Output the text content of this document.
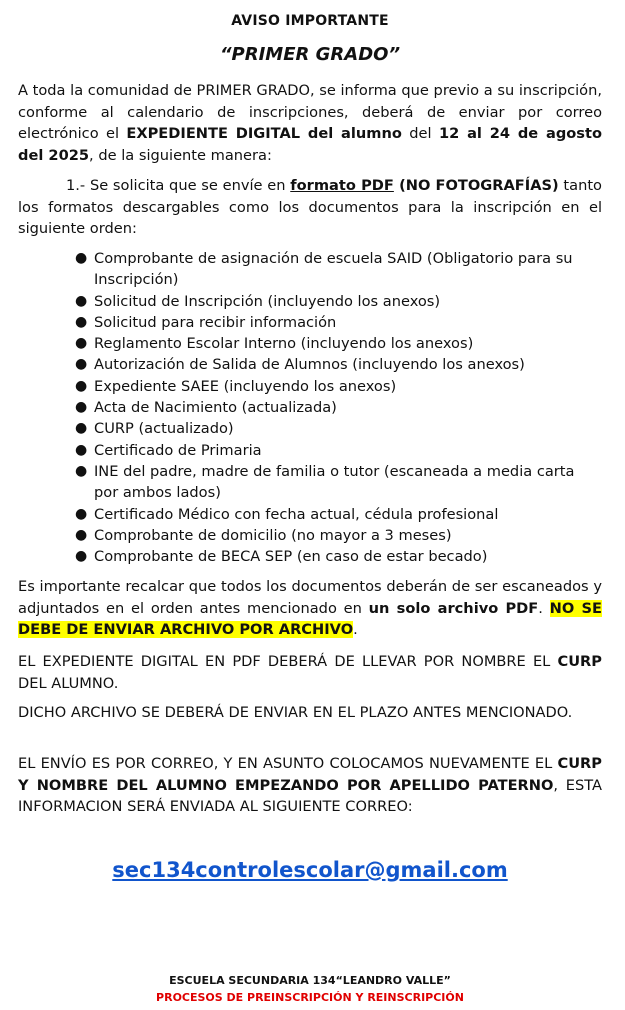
AVISO IMPORTANTE
“PRIMER GRADO”
A toda la comunidad de PRIMER GRADO, se informa que previo a su inscripción, conforme al calendario de inscripciones, deberá de enviar por correo electrónico el EXPEDIENTE DIGITAL del alumno del 12 al 24 de agosto del 2025, de la siguiente manera:
1.- Se solicita que se envíe en formato PDF (NO FOTOGRAFÍAS) tanto los formatos descargables como los documentos para la inscripción en el siguiente orden:
● Comprobante de asignación de escuela SAID (Obligatorio para su Inscripción)
● Solicitud de Inscripción (incluyendo los anexos)
● Solicitud para recibir información
● Reglamento Escolar Interno (incluyendo los anexos)
● Autorización de Salida de Alumnos (incluyendo los anexos)
● Expediente SAEE (incluyendo los anexos)
● Acta de Nacimiento (actualizada)
● CURP (actualizado)
● Certificado de Primaria
● INE del padre, madre de familia o tutor (escaneada a media carta por ambos lados)
● Certificado Médico con fecha actual, cédula profesional
● Comprobante de domicilio (no mayor a 3 meses)
● Comprobante de BECA SEP (en caso de estar becado)
Es importante recalcar que todos los documentos deberán de ser escaneados y adjuntados en el orden antes mencionado en un solo archivo PDF. NO SE DEBE DE ENVIAR ARCHIVO POR ARCHIVO.
EL EXPEDIENTE DIGITAL EN PDF DEBERÁ DE LLEVAR POR NOMBRE EL CURP DEL ALUMNO.
DICHO ARCHIVO SE DEBERÁ DE ENVIAR EN EL PLAZO ANTES MENCIONADO.
EL ENVÍO ES POR CORREO, Y EN ASUNTO COLOCAMOS NUEVAMENTE EL CURP Y NOMBRE DEL ALUMNO EMPEZANDO POR APELLIDO PATERNO, ESTA INFORMACION SERÁ ENVIADA AL SIGUIENTE CORREO:
sec134controlescolar@gmail.com
ESCUELA SECUNDARIA 134“LEANDRO VALLE”
PROCESOS DE PREINSCRIPCIÓN Y REINSCRIPCIÓN
